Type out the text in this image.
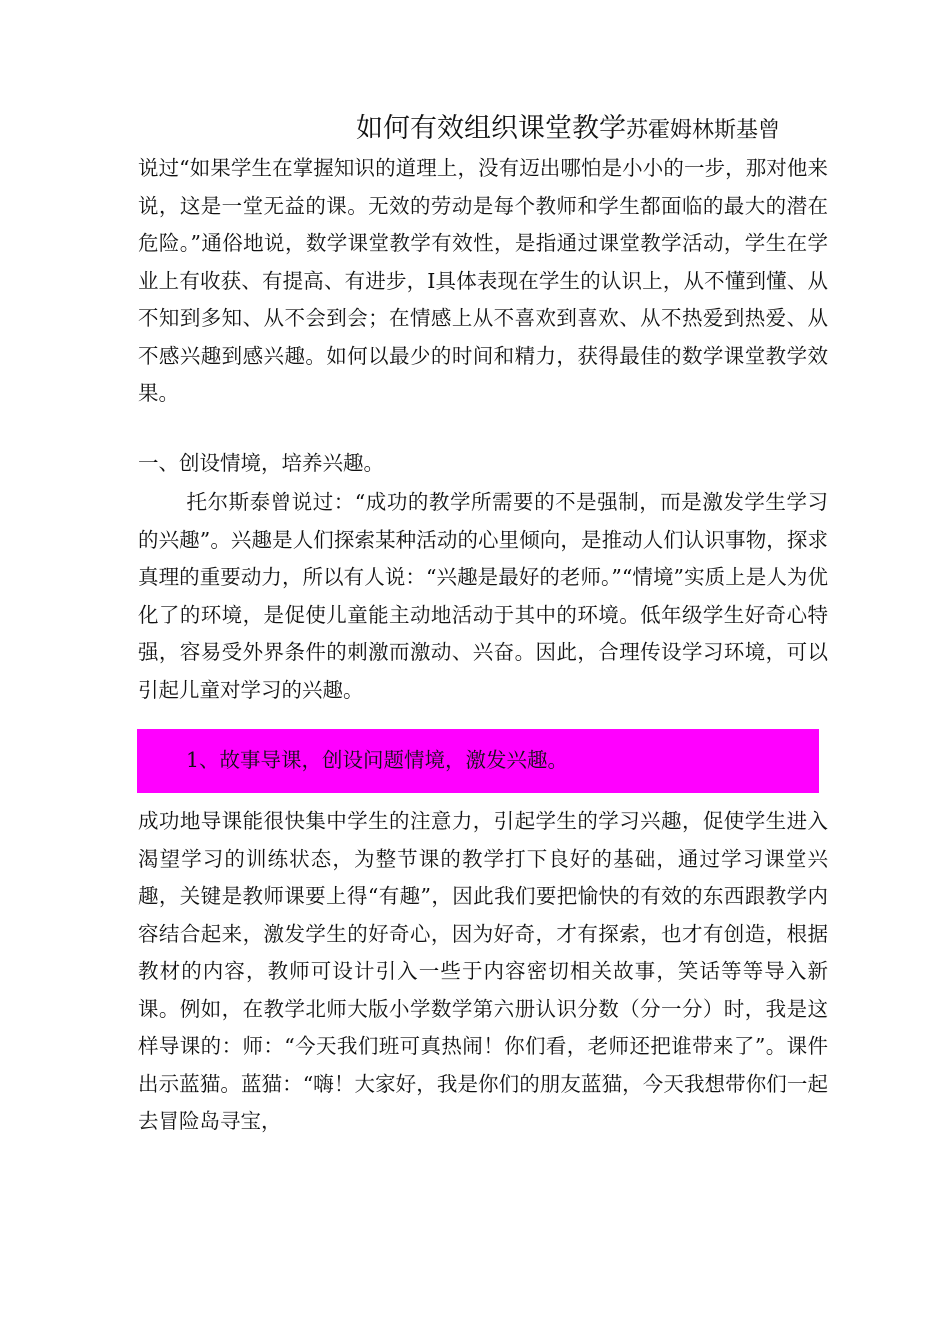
如何有效组织课堂教学苏霍姆林斯基曾
说过“如果学生在掌握知识的道理上，没有迈出哪怕是小小的一步，那对他来说，这是一堂无益的课。无效的劳动是每个教师和学生都面临的最大的潜在危险。”通俗地说，数学课堂教学有效性，是指通过课堂教学活动，学生在学业上有收获、有提高、有进步，I具体表现在学生的认识上，从不懂到懂、从不知到多知、从不会到会；在情感上从不喜欢到喜欢、从不热爱到热爱、从不感兴趣到感兴趣。如何以最少的时间和精力，获得最佳的数学课堂教学效果。
一、创设情境，培养兴趣。
托尔斯泰曾说过：“成功的教学所需要的不是强制，而是激发学生学习的兴趣”。兴趣是人们探索某种活动的心里倾向，是推动人们认识事物，探求真理的重要动力，所以有人说：“兴趣是最好的老师。”“情境”实质上是人为优化了的环境，是促使儿童能主动地活动于其中的环境。低年级学生好奇心特强，容易受外界条件的刺激而激动、兴奋。因此，合理传设学习环境，可以引起儿童对学习的兴趣。
1、故事导课，创设问题情境，激发兴趣。
成功地导课能很快集中学生的注意力，引起学生的学习兴趣，促使学生进入渴望学习的训练状态，为整节课的教学打下良好的基础，通过学习课堂兴趣，关键是教师课要上得“有趣”，因此我们要把愉快的有效的东西跟教学内容结合起来，激发学生的好奇心，因为好奇，才有探索，也才有创造，根据教材的内容，教师可设计引入一些于内容密切相关故事，笑话等等导入新课。例如，在教学北师大版小学数学第六册认识分数（分一分）时，我是这样导课的：师：“今天我们班可真热闹！你们看，老师还把谁带来了”。课件出示蓝猫。蓝猫：“嗨！大家好，我是你们的朋友蓝猫，今天我想带你们一起去冒险岛寻宝，
